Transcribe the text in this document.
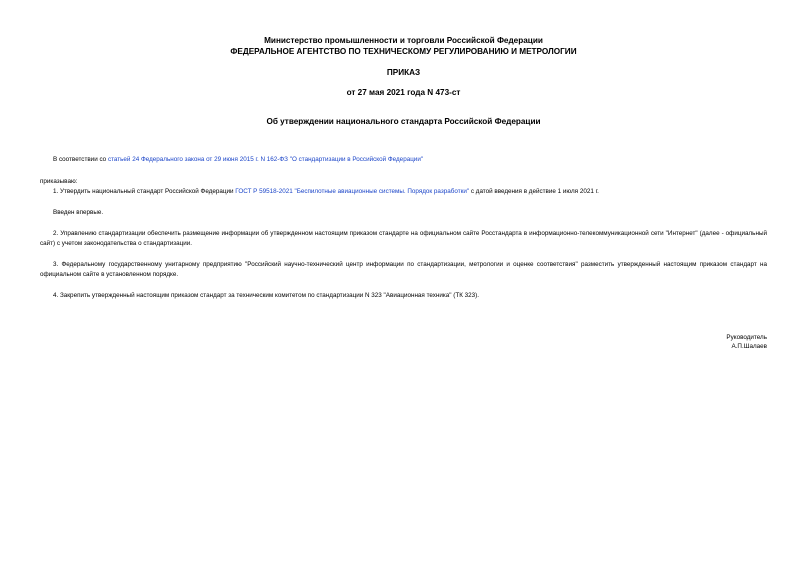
Министерство промышленности и торговли Российской Федерации
ФЕДЕРАЛЬНОЕ АГЕНТСТВО ПО ТЕХНИЧЕСКОМУ РЕГУЛИРОВАНИЮ И МЕТРОЛОГИИ
ПРИКАЗ
от 27 мая 2021 года N 473-ст
Об утверждении национального стандарта Российской Федерации
В соответствии со статьей 24 Федерального закона от 29 июня 2015 г. N 162-ФЗ "О стандартизации в Российской Федерации"
приказываю:
1. Утвердить национальный стандарт Российской Федерации ГОСТ Р 59518-2021 "Беспилотные авиационные системы. Порядок разработки" с датой введения в действие 1 июля 2021 г.
Введен впервые.
2. Управлению стандартизации обеспечить размещение информации об утвержденном настоящим приказом стандарте на официальном сайте Росстандарта в информационно-телекоммуникационной сети "Интернет" (далее - официальный сайт) с учетом законодательства о стандартизации.
3. Федеральному государственному унитарному предприятию "Российский научно-технический центр информации по стандартизации, метрологии и оценке соответствия" разместить утвержденный настоящим приказом стандарт на официальном сайте в установленном порядке.
4. Закрепить утвержденный настоящим приказом стандарт за техническим комитетом по стандартизации N 323 "Авиационная техника" (ТК 323).
Руководитель
А.П.Шалаев
